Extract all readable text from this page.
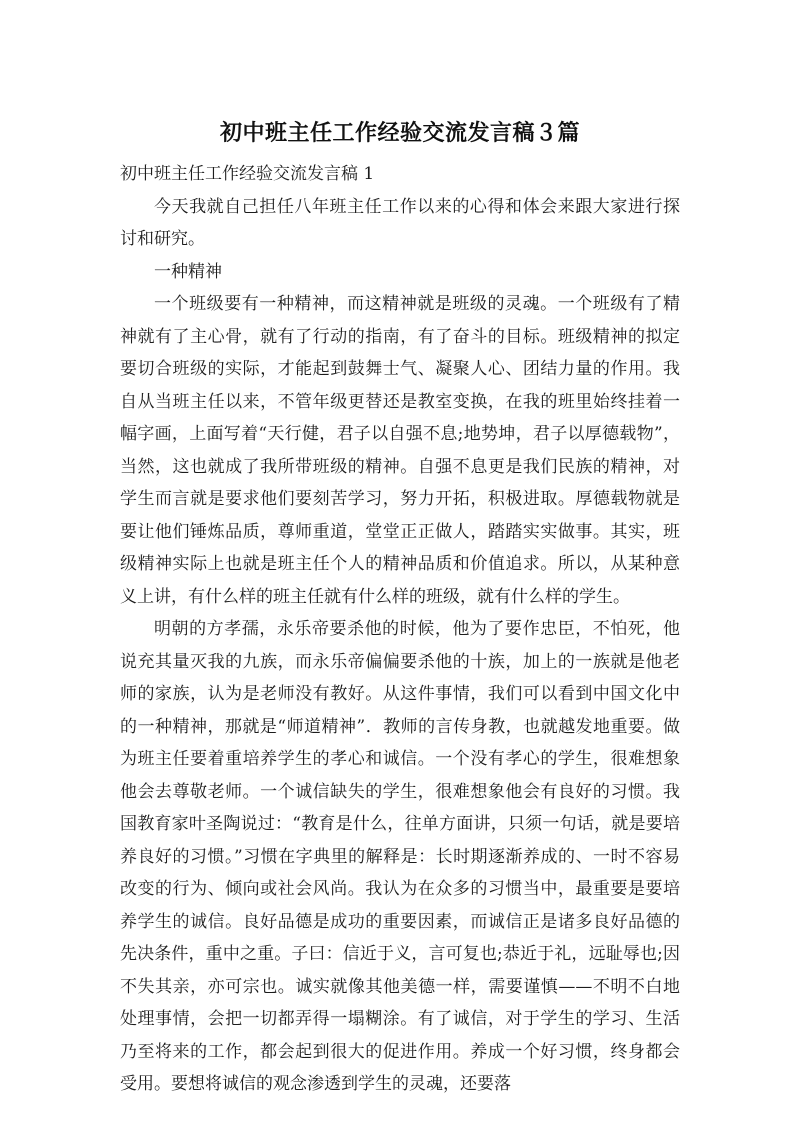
初中班主任工作经验交流发言稿３篇

初中班主任工作经验交流发言稿 1

今天我就自己担任八年班主任工作以来的心得和体会来跟大家进行探讨和研究。

一种精神

一个班级要有一种精神，而这精神就是班级的灵魂。一个班级有了精神就有了主心骨，就有了行动的指南，有了奋斗的目标。班级精神的拟定要切合班级的实际，才能起到鼓舞士气、凝聚人心、团结力量的作用。我自从当班主任以来，不管年级更替还是教室变换，在我的班里始终挂着一幅字画，上面写着“天行健，君子以自强不息;地势坤，君子以厚德载物”，当然，这也就成了我所带班级的精神。自强不息更是我们民族的精神，对学生而言就是要求他们要刻苦学习，努力开拓，积极进取。厚德载物就是要让他们锤炼品质，尊师重道，堂堂正正做人，踏踏实实做事。其实，班级精神实际上也就是班主任个人的精神品质和价值追求。所以，从某种意义上讲，有什么样的班主任就有什么样的班级，就有什么样的学生。

明朝的方孝孺，永乐帝要杀他的时候，他为了要作忠臣，不怕死，他说充其量灭我的九族，而永乐帝偏偏要杀他的十族，加上的一族就是他老师的家族，认为是老师没有教好。从这件事情，我们可以看到中国文化中的一种精神，那就是“师道精神”．教师的言传身教，也就越发地重要。做为班主任要着重培养学生的孝心和诚信。一个没有孝心的学生，很难想象他会去尊敬老师。一个诚信缺失的学生，很难想象他会有良好的习惯。我国教育家叶圣陶说过：“教育是什么，往单方面讲，只须一句话，就是要培养良好的习惯。”习惯在字典里的解释是：长时期逐渐养成的、一时不容易改变的行为、倾向或社会风尚。我认为在众多的习惯当中，最重要是要培养学生的诚信。良好品德是成功的重要因素，而诚信正是诸多良好品德的先决条件，重中之重。子曰：信近于义，言可复也;恭近于礼，远耻辱也;因不失其亲，亦可宗也。诚实就像其他美德一样，需要谨慎——不明不白地处理事情，会把一切都弄得一塌糊涂。有了诚信，对于学生的学习、生活乃至将来的工作，都会起到很大的促进作用。养成一个好习惯，终身都会受用。要想将诚信的观念渗透到学生的灵魂，还要落
